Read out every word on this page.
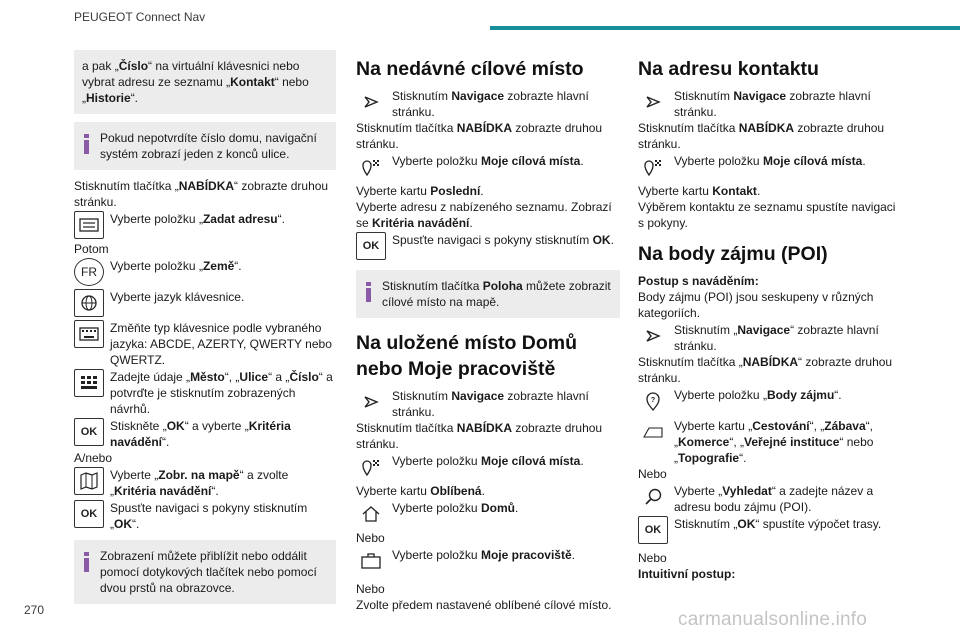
PEUGEOT Connect Nav

a pak „Číslo“ na virtuální klávesnici nebo vybrat adresu ze seznamu „Kontakt“ nebo „Historie“.

Pokud nepotvrdíte číslo domu, navigační systém zobrazí jeden z konců ulice.

Stisknutím tlačítka „NABÍDKA“ zobrazte druhou stránku.

Vyberte položku „Zadat adresu“.

Potom

FR	Vyberte položku „Země“.
Vyberte jazyk klávesnice.
Změňte typ klávesnice podle vybraného jazyka: ABCDE, AZERTY, QWERTY nebo QWERTZ.
Zadejte údaje „Město“, „Ulice“ a „Číslo“ a potvrďte je stisknutím zobrazených návrhů.
OK	Stiskněte „OK“ a vyberte „Kritéria navádění“.

A/nebo

Vyberte „Zobr. na mapě“ a zvolte „Kritéria navádění“.
OK	Spusťte navigaci s pokyny stisknutím „OK“.

Zobrazení můžete přiblížit nebo oddálit pomocí dotykových tlačítek nebo pomocí dvou prstů na obrazovce.

Na nedávné cílové místo
Stisknutím Navigace zobrazte hlavní stránku.

Stisknutím tlačítka NABÍDKA zobrazte druhou stránku.

Vyberte položku Moje cílová místa.

Vyberte kartu Poslední.

Vyberte adresu z nabízeného seznamu. Zobrazí se Kritéria navádění.

OK	Spusťte navigaci s pokyny stisknutím OK.

Stisknutím tlačítka Poloha můžete zobrazit cílové místo na mapě.

Na uložené místo Domů nebo Moje pracoviště
Stisknutím Navigace zobrazte hlavní stránku.

Stisknutím tlačítka NABÍDKA zobrazte druhou stránku.

Vyberte položku Moje cílová místa.

Vyberte kartu Oblíbená.

Vyberte položku Domů.

Nebo

Vyberte položku Moje pracoviště.

Nebo

Zvolte předem nastavené oblíbené cílové místo.

Na adresu kontaktu
Stisknutím Navigace zobrazte hlavní stránku.

Stisknutím tlačítka NABÍDKA zobrazte druhou stránku.

Vyberte položku Moje cílová místa.

Vyberte kartu Kontakt.

Výběrem kontaktu ze seznamu spustíte navigaci s pokyny.

Na body zájmu (POI)

Postup s naváděním:

Body zájmu (POI) jsou seskupeny v různých kategoriích.

Stisknutím „Navigace“ zobrazte hlavní stránku.

Stisknutím tlačítka „NABÍDKA“ zobrazte druhou stránku.

? Vyberte položku „Body zájmu“.
Vyberte kartu „Cestování“, „Zábava“, „Komerce“, „Veřejné instituce“ nebo „Topografie“.

Nebo

Vyberte „Vyhledat“ a zadejte název a adresu bodu zájmu (POI).
OK	Stisknutím „OK“ spustíte výpočet trasy.

Nebo

Intuitivní postup:

270	carmanualsonline.info
